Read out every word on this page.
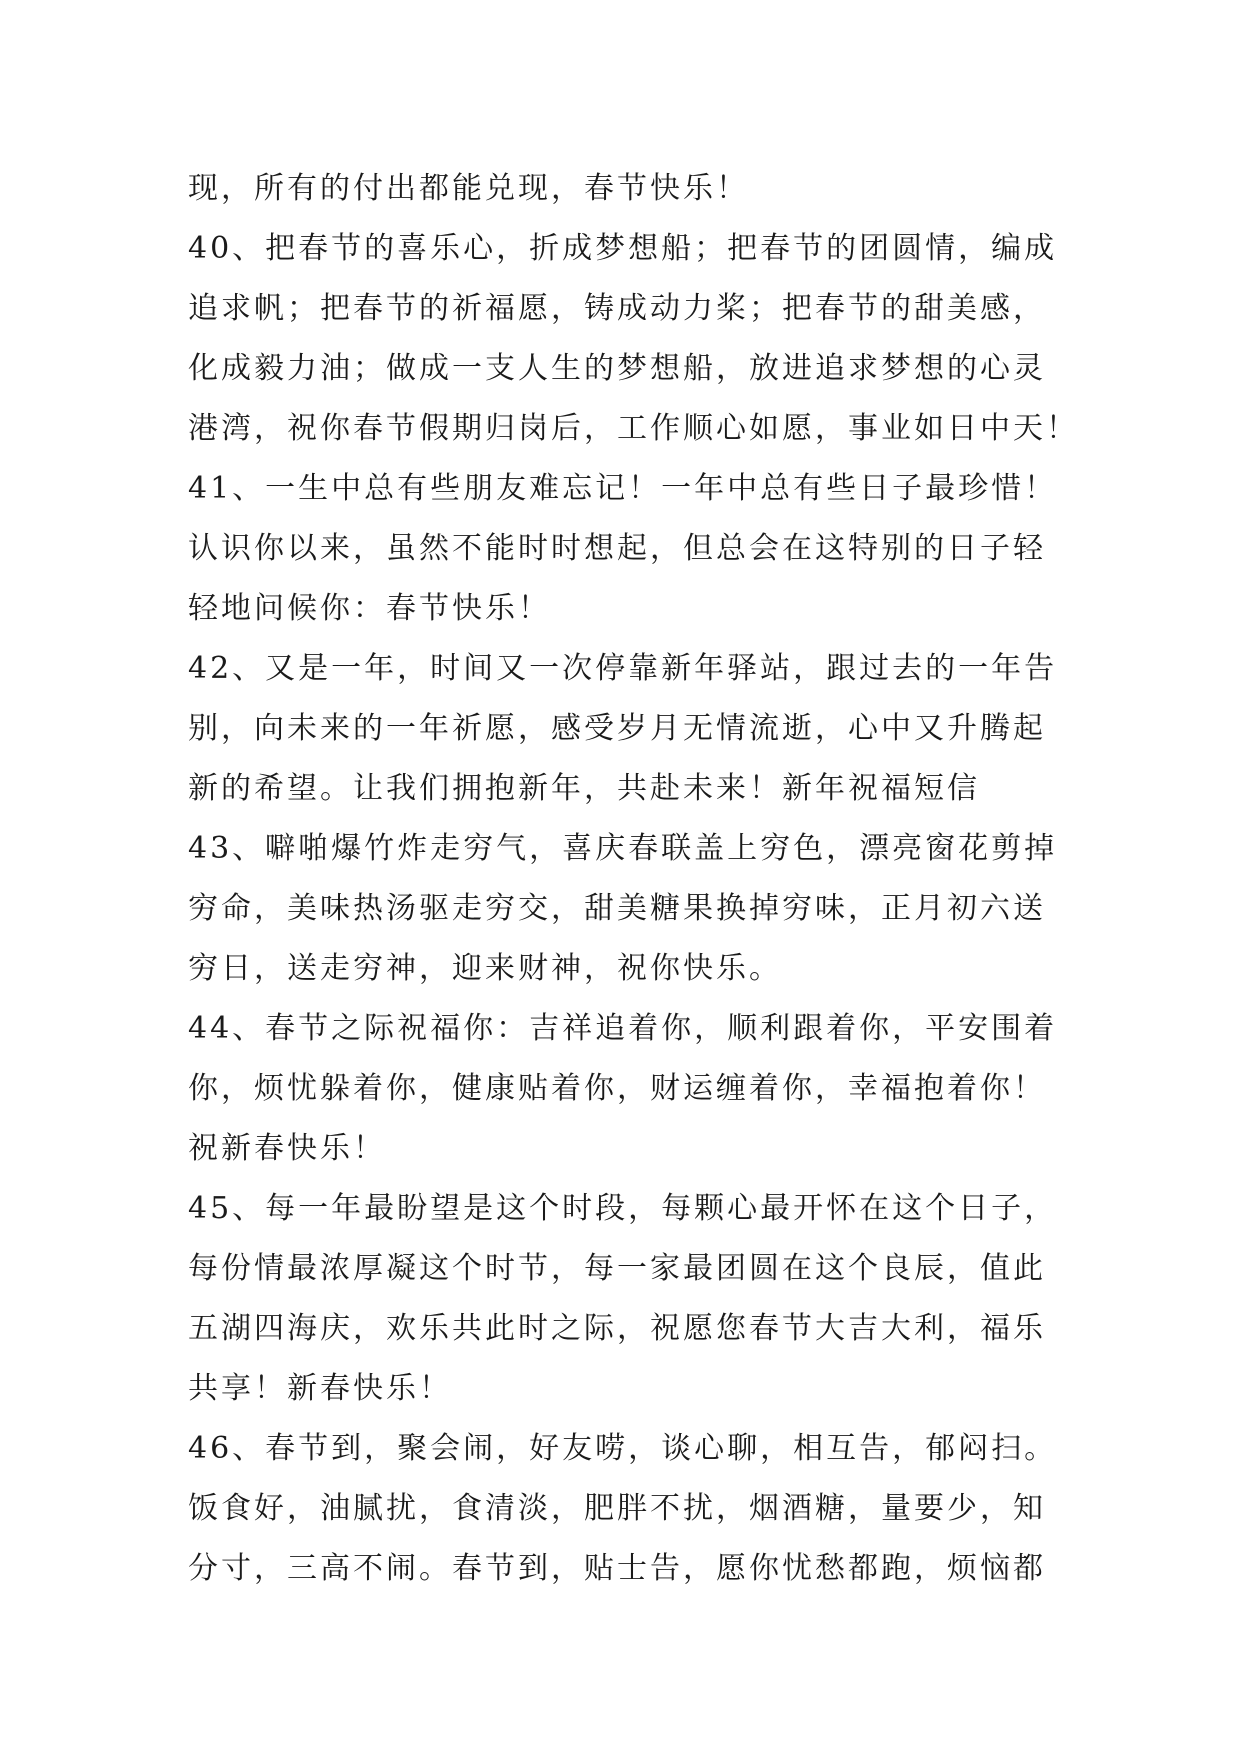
现，所有的付出都能兑现，春节快乐！
40、把春节的喜乐心，折成梦想船；把春节的团圆情，编成
追求帆；把春节的祈福愿，铸成动力桨；把春节的甜美感，
化成毅力油；做成一支人生的梦想船，放进追求梦想的心灵
港湾，祝你春节假期归岗后，工作顺心如愿，事业如日中天！
41、一生中总有些朋友难忘记！一年中总有些日子最珍惜！
认识你以来，虽然不能时时想起，但总会在这特别的日子轻
轻地问候你：春节快乐！
42、又是一年，时间又一次停靠新年驿站，跟过去的一年告
别，向未来的一年祈愿，感受岁月无情流逝，心中又升腾起
新的希望。让我们拥抱新年，共赴未来！新年祝福短信
43、噼啪爆竹炸走穷气，喜庆春联盖上穷色，漂亮窗花剪掉
穷命，美味热汤驱走穷交，甜美糖果换掉穷味，正月初六送
穷日，送走穷神，迎来财神，祝你快乐。
44、春节之际祝福你：吉祥追着你，顺利跟着你，平安围着
你，烦忧躲着你，健康贴着你，财运缠着你，幸福抱着你！
祝新春快乐！
45、每一年最盼望是这个时段，每颗心最开怀在这个日子，
每份情最浓厚凝这个时节，每一家最团圆在这个良辰，值此
五湖四海庆，欢乐共此时之际，祝愿您春节大吉大利，福乐
共享！新春快乐！
46、春节到，聚会闹，好友唠，谈心聊，相互告，郁闷扫。
饭食好，油腻扰，食清淡，肥胖不扰，烟酒糖，量要少，知
分寸，三高不闹。春节到，贴士告，愿你忧愁都跑，烦恼都
